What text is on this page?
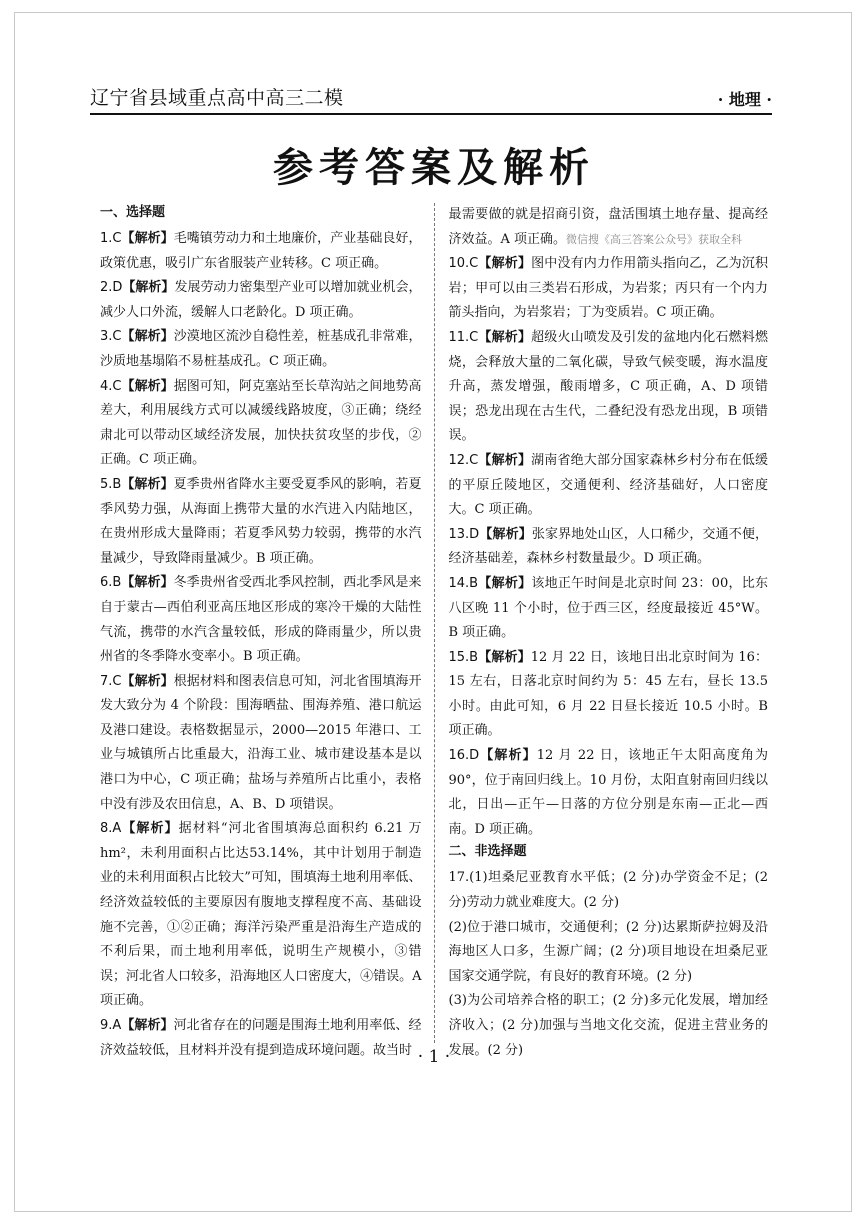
辽宁省县域重点高中高三二模	· 地理 ·
参考答案及解析
一、选择题
1.C【解析】毛嘴镇劳动力和土地廉价，产业基础良好，政策优惠，吸引广东省服装产业转移。C 项正确。
2.D【解析】发展劳动力密集型产业可以增加就业机会，减少人口外流，缓解人口老龄化。D 项正确。
3.C【解析】沙漠地区流沙自稳性差，桩基成孔非常难，沙质地基塌陷不易桩基成孔。C 项正确。
4.C【解析】据图可知，阿克塞站至长草沟站之间地势高差大，利用展线方式可以减缓线路坡度，③正确；绕经肃北可以带动区域经济发展，加快扶贫攻坚的步伐，②正确。C 项正确。
5.B【解析】夏季贵州省降水主要受夏季风的影响，若夏季风势力强，从海面上携带大量的水汽进入内陆地区，在贵州形成大量降雨；若夏季风势力较弱，携带的水汽量减少，导致降雨量减少。B 项正确。
6.B【解析】冬季贵州省受西北季风控制，西北季风是来自于蒙古—西伯利亚高压地区形成的寒冷干燥的大陆性气流，携带的水汽含量较低，形成的降雨量少，所以贵州省的冬季降水变率小。B 项正确。
7.C【解析】根据材料和图表信息可知，河北省围填海开发大致分为 4 个阶段：围海晒盐、围海养殖、港口航运及港口建设。表格数据显示，2000—2015 年港口、工业与城镇所占比重最大，沿海工业、城市建设基本是以港口为中心，C 项正确；盐场与养殖所占比重小，表格中没有涉及农田信息，A、B、D 项错误。
8.A【解析】据材料“河北省围填海总面积约 6.21 万 hm²，未利用面积占比达53.14%，其中计划用于制造业的未利用面积占比较大”可知，围填海土地利用率低、经济效益较低的主要原因有腹地支撑程度不高、基础设施不完善，①②正确；海洋污染严重是沿海生产造成的不利后果，而土地利用率低，说明生产规模小，③错误；河北省人口较多，沿海地区人口密度大，④错误。A 项正确。
9.A【解析】河北省存在的问题是围海土地利用率低、经济效益较低，且材料并没有提到造成环境问题。故当时
最需要做的就是招商引资，盘活围填土地存量、提高经济效益。A 项正确。微信搜《高三答案公众号》获取全科
10.C【解析】图中没有内力作用箭头指向乙，乙为沉积岩；甲可以由三类岩石形成，为岩浆；丙只有一个内力箭头指向，为岩浆岩；丁为变质岩。C 项正确。
11.C【解析】超级火山喷发及引发的盆地内化石燃料燃烧，会释放大量的二氧化碳，导致气候变暖，海水温度升高，蒸发增强，酸雨增多，C 项正确，A、D 项错误；恐龙出现在古生代，二叠纪没有恐龙出现，B 项错误。
12.C【解析】湖南省绝大部分国家森林乡村分布在低缓的平原丘陵地区，交通便利、经济基础好，人口密度大。C 项正确。
13.D【解析】张家界地处山区，人口稀少，交通不便，经济基础差，森林乡村数量最少。D 项正确。
14.B【解析】该地正午时间是北京时间 23：00，比东八区晚 11 个小时，位于西三区，经度最接近 45°W。B 项正确。
15.B【解析】12 月 22 日，该地日出北京时间为 16：15 左右，日落北京时间约为 5：45 左右，昼长 13.5 小时。由此可知，6 月 22 日昼长接近 10.5 小时。B 项正确。
16.D【解析】12 月 22 日，该地正午太阳高度角为 90°，位于南回归线上。10 月份，太阳直射南回归线以北，日出—正午—日落的方位分别是东南—正北—西南。D 项正确。
二、非选择题
17.(1)坦桑尼亚教育水平低；(2 分)办学资金不足；(2 分)劳动力就业难度大。(2 分)
(2)位于港口城市，交通便利；(2 分)达累斯萨拉姆及沿海地区人口多，生源广阔；(2 分)项目地设在坦桑尼亚国家交通学院，有良好的教育环境。(2 分)
(3)为公司培养合格的职工；(2 分)多元化发展，增加经济收入；(2 分)加强与当地文化交流，促进主营业务的发展。(2 分)
· 1 ·
